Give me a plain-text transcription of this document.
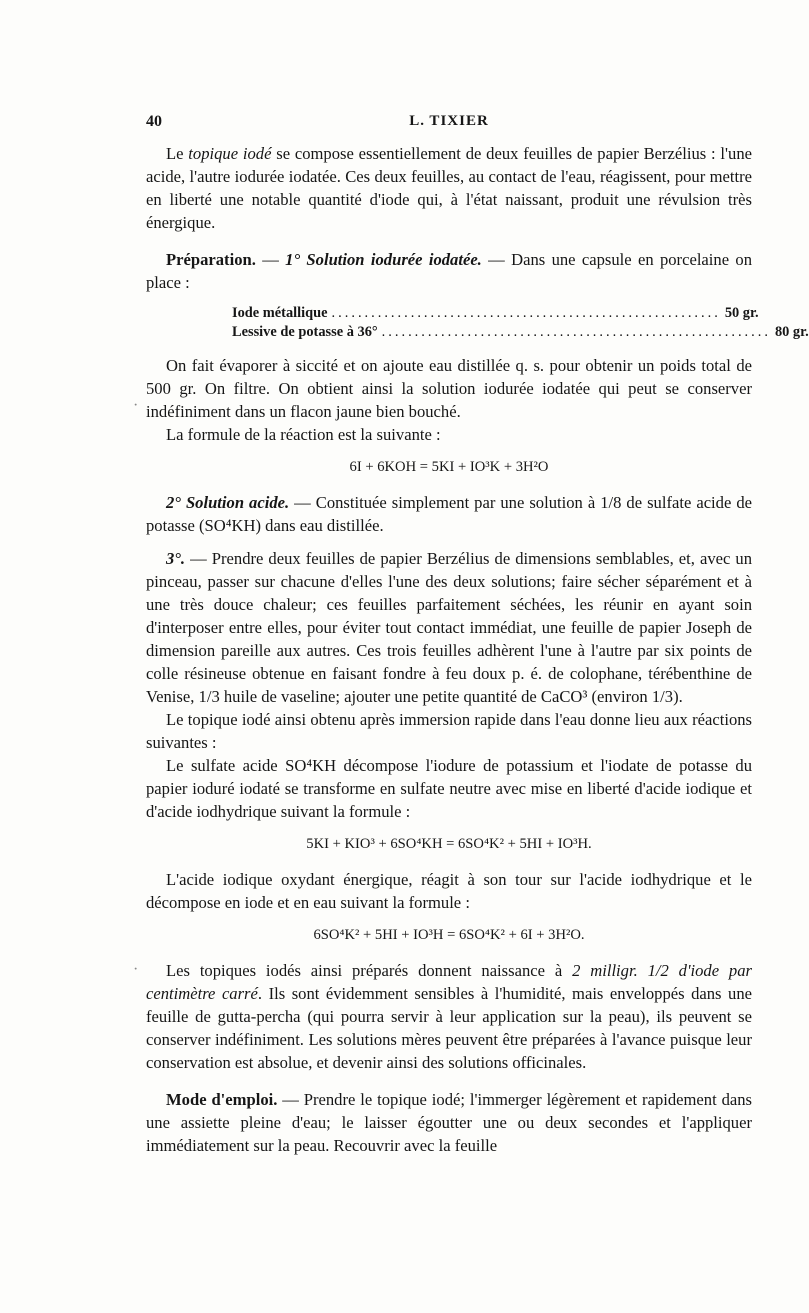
40	L. TIXIER

Le topique iodé se compose essentiellement de deux feuilles de papier Berzélius : l'une acide, l'autre iodurée iodatée. Ces deux feuilles, au contact de l'eau, réagissent, pour mettre en liberté une notable quantité d'iode qui, à l'état naissant, produit une révulsion très énergique.

Préparation. — 1° Solution iodurée iodatée. — Dans une capsule en porcelaine on place :

Iode métallique ........................................................... 50 gr.
Lessive de potasse à 36° ........................................................... 80 gr.

On fait évaporer à siccité et on ajoute eau distillée q. s. pour obtenir un poids total de 500 gr. On filtre. On obtient ainsi la solution iodurée iodatée qui peut se conserver indéfiniment dans un flacon jaune bien bouché.

La formule de la réaction est la suivante :

6I + 6KOH = 5KI + IO³K + 3H²O

2° Solution acide. — Constituée simplement par une solution à 1/8 de sulfate acide de potasse (SO⁴KH) dans eau distillée.

3°. — Prendre deux feuilles de papier Berzélius de dimensions semblables, et, avec un pinceau, passer sur chacune d'elles l'une des deux solutions; faire sécher séparément et à une très douce chaleur; ces feuilles parfaitement séchées, les réunir en ayant soin d'interposer entre elles, pour éviter tout contact immédiat, une feuille de papier Joseph de dimension pareille aux autres. Ces trois feuilles adhèrent l'une à l'autre par six points de colle résineuse obtenue en faisant fondre à feu doux p. é. de colophane, térébenthine de Venise, 1/3 huile de vaseline; ajouter une petite quantité de CaCO³ (environ 1/3).

Le topique iodé ainsi obtenu après immersion rapide dans l'eau donne lieu aux réactions suivantes :

Le sulfate acide SO⁴KH décompose l'iodure de potassium et l'iodate de potasse du papier ioduré iodaté se transforme en sulfate neutre avec mise en liberté d'acide iodique et d'acide iodhydrique suivant la formule :

5KI + KIO³ + 6SO⁴KH = 6SO⁴K² + 5HI + IO³H.

L'acide iodique oxydant énergique, réagit à son tour sur l'acide iodhydrique et le décompose en iode et en eau suivant la formule :

6SO⁴K² + 5HI + IO³H = 6SO⁴K² + 6I + 3H²O.

Les topiques iodés ainsi préparés donnent naissance à 2 milligr. 1/2 d'iode par centimètre carré. Ils sont évidemment sensibles à l'humidité, mais enveloppés dans une feuille de gutta-percha (qui pourra servir à leur application sur la peau), ils peuvent se conserver indéfiniment. Les solutions mères peuvent être préparées à l'avance puisque leur conservation est absolue, et devenir ainsi des solutions officinales.

Mode d'emploi. — Prendre le topique iodé; l'immerger légèrement et rapidement dans une assiette pleine d'eau; le laisser égoutter une ou deux secondes et l'appliquer immédiatement sur la peau. Recouvrir avec la feuille

·
·
